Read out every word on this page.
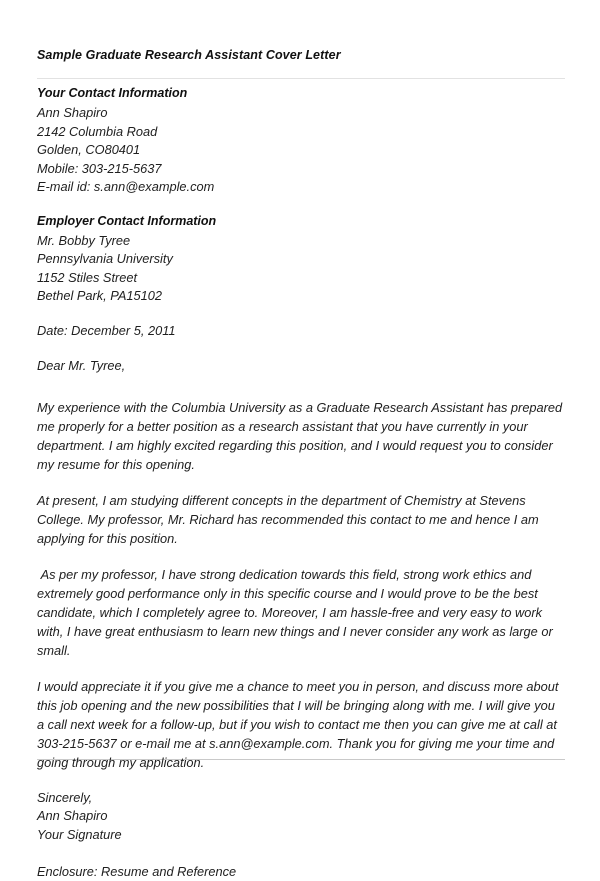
Sample Graduate Research Assistant Cover Letter
Your Contact Information
Ann Shapiro
2142 Columbia Road
Golden, CO80401
Mobile: 303-215-5637
E-mail id: s.ann@example.com
Employer Contact Information
Mr. Bobby Tyree
Pennsylvania University
1152 Stiles Street
Bethel Park, PA15102
Date: December 5, 2011
Dear Mr. Tyree,

My experience with the Columbia University as a Graduate Research Assistant has prepared me properly for a better position as a research assistant that you have currently in your department. I am highly excited regarding this position, and I would request you to consider my resume for this opening.

At present, I am studying different concepts in the department of Chemistry at Stevens College. My professor, Mr. Richard has recommended this contact to me and hence I am applying for this position.

As per my professor, I have strong dedication towards this field, strong work ethics and extremely good performance only in this specific course and I would prove to be the best candidate, which I completely agree to. Moreover, I am hassle-free and very easy to work with, I have great enthusiasm to learn new things and I never consider any work as large or small.

I would appreciate it if you give me a chance to meet you in person, and discuss more about this job opening and the new possibilities that I will be bringing along with me. I will give you a call next week for a follow-up, but if you wish to contact me then you can give me at call at 303-215-5637 or e-mail me at s.ann@example.com. Thank you for giving me your time and going through my application.

Sincerely,
Ann Shapiro
Your Signature
Enclosure: Resume and Reference
